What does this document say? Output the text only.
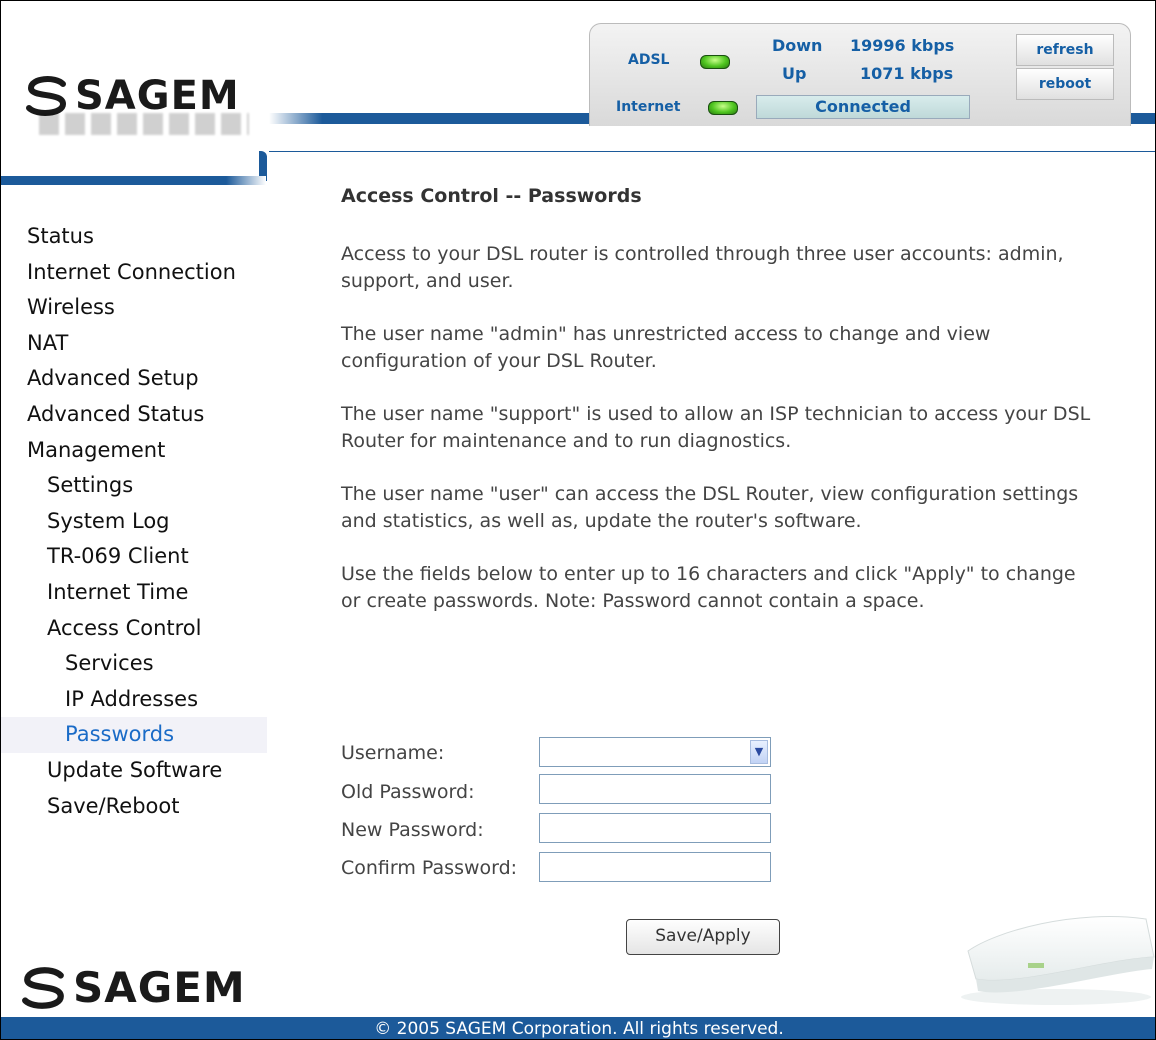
SAGEM
ADSL
Internet
Down 19996 kbps
Up	1071 kbps
Connected
refresh
reboot
Status
Internet Connection
Wireless
NAT
Advanced Setup
Advanced Status
Management
Settings
System Log
TR-069 Client
Internet Time
Access Control
Services
IP Addresses
Passwords
Update Software
Save/Reboot
Access Control -- Passwords

Access to your DSL router is controlled through three user accounts: admin, support, and user.

The user name "admin" has unrestricted access to change and view configuration of your DSL Router.

The user name "support" is used to allow an ISP technician to access your DSL Router for maintenance and to run diagnostics.

The user name "user" can access the DSL Router, view configuration settings and statistics, as well as, update the router's software.

Use the fields below to enter up to 16 characters and click "Apply" to change or create passwords. Note: Password cannot contain a space.

Username:	▼
Old Password:
New Password:
Confirm Password:
Save/Apply
SAGEM
© 2005 SAGEM Corporation. All rights reserved.
